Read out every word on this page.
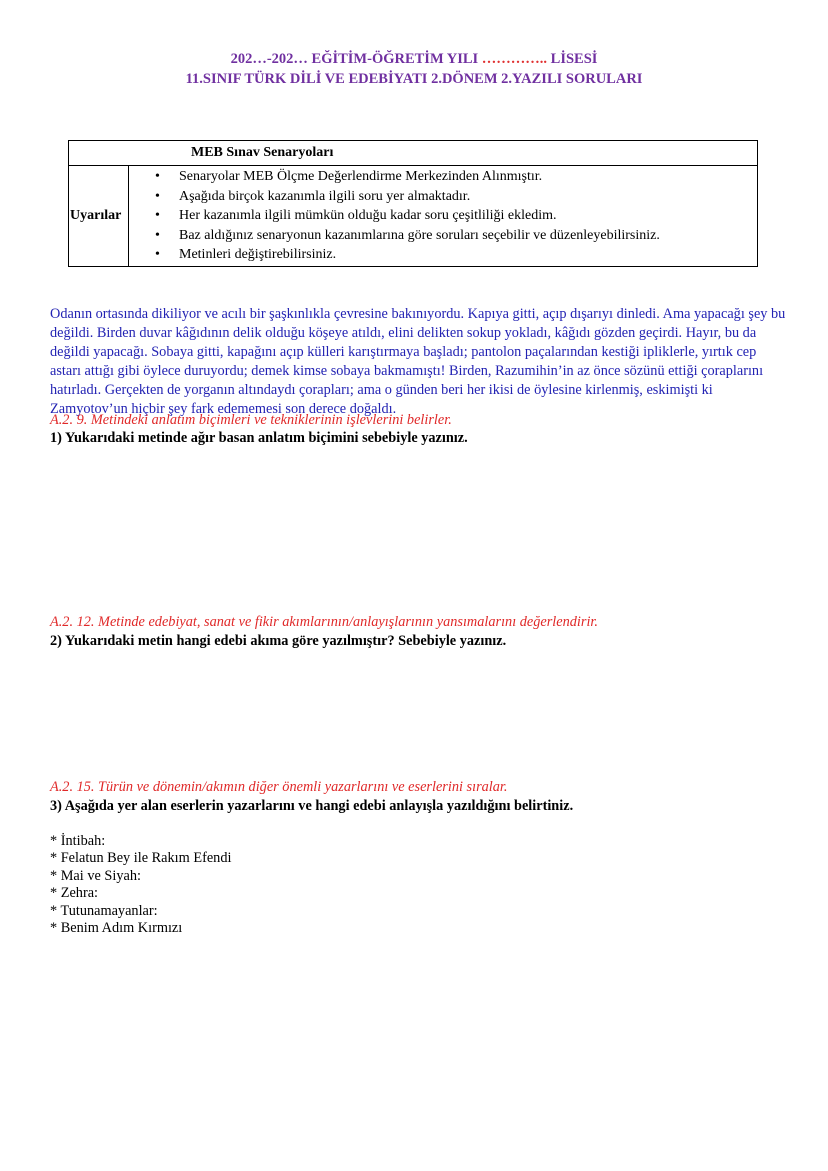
202…-202… EĞİTİM-ÖĞRETİM YILI ………….. LİSESİ
11.SINIF TÜRK DİLİ VE EDEBİYATI 2.DÖNEM 2.YAZILI SORULARI
MEB Sınav Senaryoları
Uyarılar	
• Senaryolar MEB Ölçme Değerlendirme Merkezinden Alınmıştır.
• Aşağıda birçok kazanımla ilgili soru yer almaktadır.
• Her kazanımla ilgili mümkün olduğu kadar soru çeşitliliği ekledim.
• Baz aldığınız senaryonun kazanımlarına göre soruları seçebilir ve düzenleyebilirsiniz.
• Metinleri değiştirebilirsiniz.

Odanın ortasında dikiliyor ve acılı bir şaşkınlıkla çevresine bakınıyordu. Kapıya gitti, açıp dışarıyı dinledi. Ama yapacağı şey bu değildi. Birden duvar kâğıdının delik olduğu köşeye atıldı, elini delikten sokup yokladı, kâğıdı gözden geçirdi. Hayır, bu da değildi yapacağı. Sobaya gitti, kapağını açıp külleri karıştırmaya başladı; pantolon paçalarından kestiği ipliklerle, yırtık cep astarı attığı gibi öylece duruyordu; demek kimse sobaya bakmamıştı! Birden, Razumihin’in az önce sözünü ettiği çoraplarını hatırladı. Gerçekten de yorganın altındaydı çorapları; ama o günden beri her ikisi de öylesine kirlenmiş, eskimişti ki Zamyotov’un hiçbir şey fark edememesi son derece doğaldı.

A.2. 9. Metindeki anlatım biçimleri ve tekniklerinin işlevlerini belirler.
1) Yukarıdaki metinde ağır basan anlatım biçimini sebebiyle yazınız.
A.2. 12. Metinde edebiyat, sanat ve fikir akımlarının/anlayışlarının yansımalarını değerlendirir.
2) Yukarıdaki metin hangi edebi akıma göre yazılmıştır? Sebebiyle yazınız.
A.2. 15. Türün ve dönemin/akımın diğer önemli yazarlarını ve eserlerini sıralar.
3) Aşağıda yer alan eserlerin yazarlarını ve hangi edebi anlayışla yazıldığını belirtiniz.
* İntibah:
* Felatun Bey ile Rakım Efendi
* Mai ve Siyah:
* Zehra:
* Tutunamayanlar:
* Benim Adım Kırmızı
